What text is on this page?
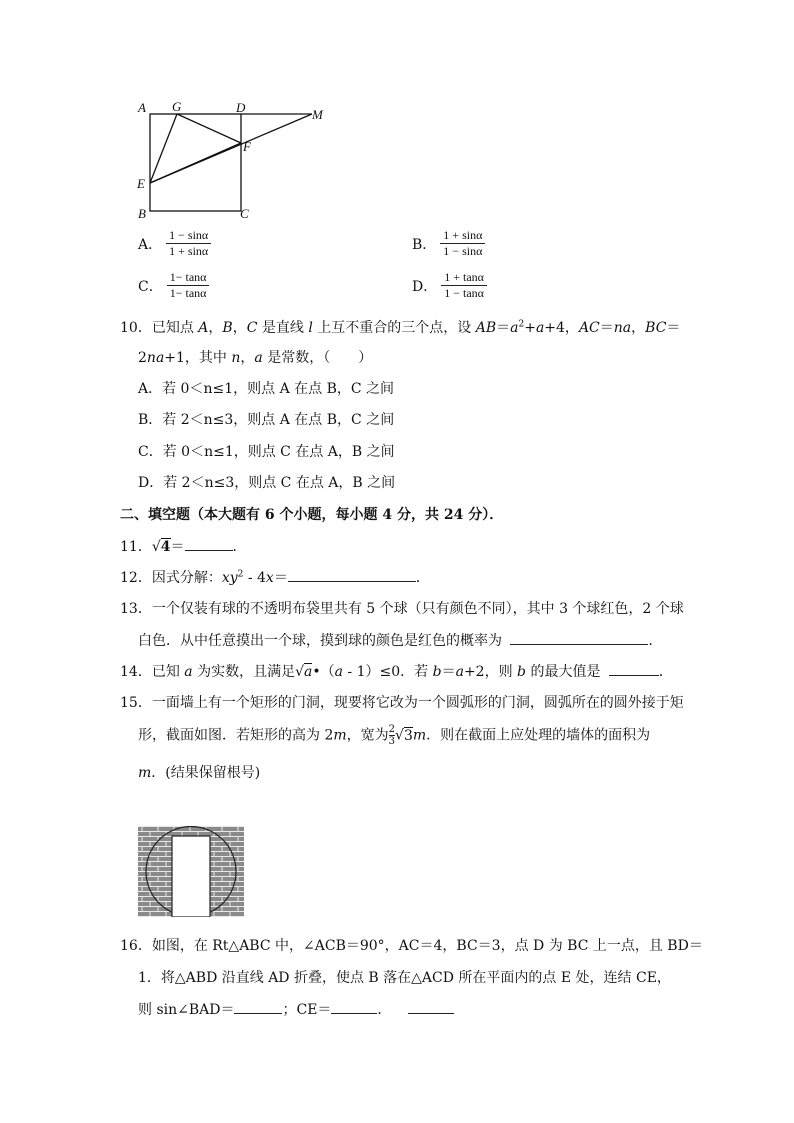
A G	D	M
F
E
B	C
A． $\frac{1 - \sin\alpha}{1 + \sin\alpha}$	B． $\frac{1 + \sin\alpha}{1 - \sin\alpha}$
C． $\frac{1- \tan\alpha}{1- \tan\alpha}$	D． $\frac{1 + \tan\alpha}{1 - \tan\alpha}$
10．已知点 A，B，C 是直线 l 上互不重合的三个点，设 $AB=a^2+a+4$，AC＝na，BC＝
2na+1，其中 n，a 是常数，（　　）
A．若 0＜n≤1，则点 A 在点 B，C 之间
B．若 2＜n≤3，则点 A 在点 B，C 之间
C．若 0＜n≤1，则点 C 在点 A，B 之间
D．若 2＜n≤3，则点 C 在点 A，B 之间
二、填空题（本大题有 6 个小题，每小题 4 分，共 24 分）．
11．√4＝	．
12．因式分解：$xy^2 - 4x=$	．
13．一个仅装有球的不透明布袋里共有 5 个球（只有颜色不同），其中 3 个球红色，2 个球
白色．从中任意摸出一个球，摸到球的颜色是红色的概率为	．
14．已知 a 为实数，且满足√a•（a - 1）≤0．若 b＝a+2，则 b 的最大值是	．
15．一面墙上有一个矩形的门洞，现要将它改为一个圆弧形的门洞，圆弧所在的圆外接于矩
形，截面如图．若矩形的高为 2m，宽为 $\frac{2}{3} √3m$．则在截面上应处理的墙体的面积为
m．(结果保留根号)
16．如图，在 Rt△ABC 中，∠ACB＝90°，AC＝4，BC＝3，点 D 为 BC 上一点，且 BD＝
1．将△ABD 沿直线 AD 折叠，使点 B 落在△ACD 所在平面内的点 E 处，连结 CE，
则 sin∠BAD＝	；CE＝	．
